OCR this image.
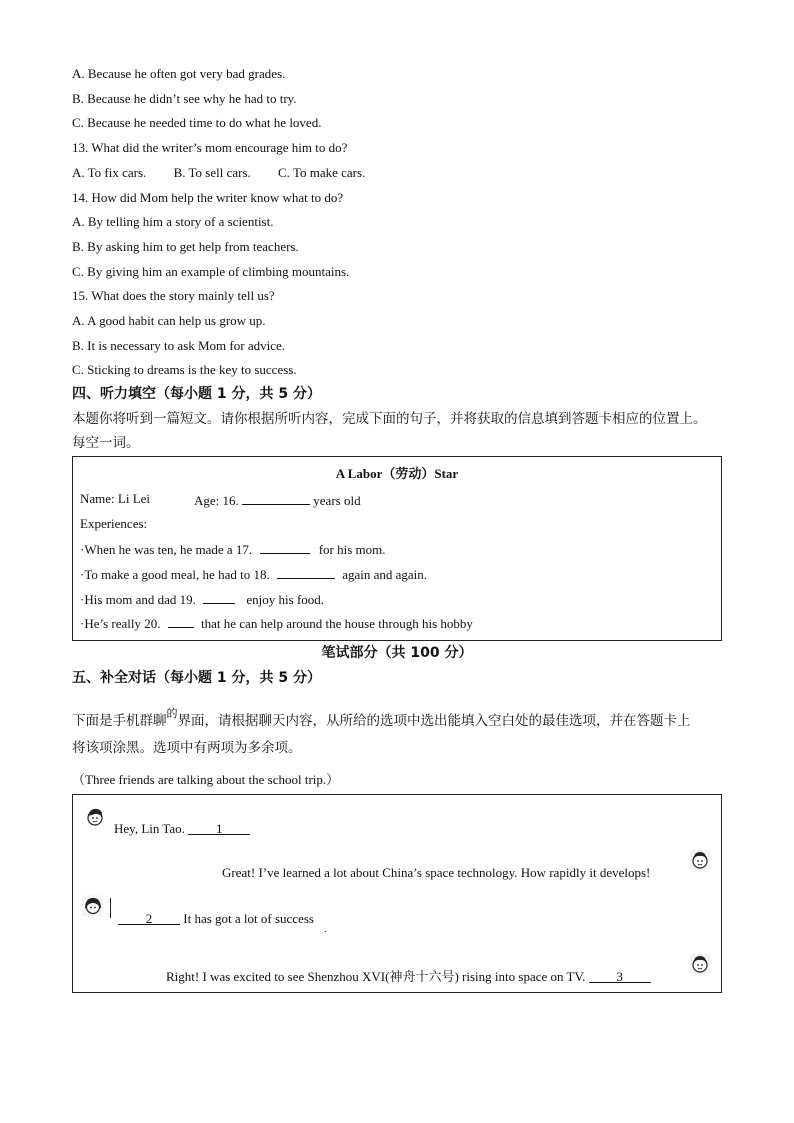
A. Because he often got very bad grades.
B. Because he didn’t see why he had to try.
C. Because he needed time to do what he loved.
13. What did the writer’s mom encourage him to do?
A. To fix cars. B. To sell cars. C. To make cars.
14. How did Mom help the writer know what to do?
A. By telling him a story of a scientist.
B. By asking him to get help from teachers.
C. By giving him an example of climbing mountains.
15. What does the story mainly tell us?
A. A good habit can help us grow up.
B. It is necessary to ask Mom for advice.
C. Sticking to dreams is the key to success.
四、听力填空（每小题 1 分，共 5 分）
本题你将听到一篇短文。请你根据所听内容，完成下面的句子，并将获取的信息填到答题卡相应的位置上。
每空一词。
A Labor（劳动）Star
Name: Li Lei	Age: 16.	years old
Experiences:
·When he was ten, he made a 17.	for his mom.
·To make a good meal, he had to 18.	again and again.
·His mom and dad 19.	enjoy his food.
·He’s really 20.	that he can help around the house through his hobby
笔试部分（共 100 分）
五、补全对话（每小题 1 分，共 5 分）
下面是手机群聊$^的$界面，请根据聊天内容，从所给的选项中选出能填入空白处的最佳选项，并在答题卡上
将该项涂黑。选项中有两项为多余项。
（Three friends are talking about the school trip.）
Hey, Lin Tao. 1
Great! I’ve learned a lot about China’s space technology. How rapidly it develops!
2 It has got a lot of success
.
Right! I was excited to see Shenzhou XVI(神舟十六号) rising into space on TV. 3
